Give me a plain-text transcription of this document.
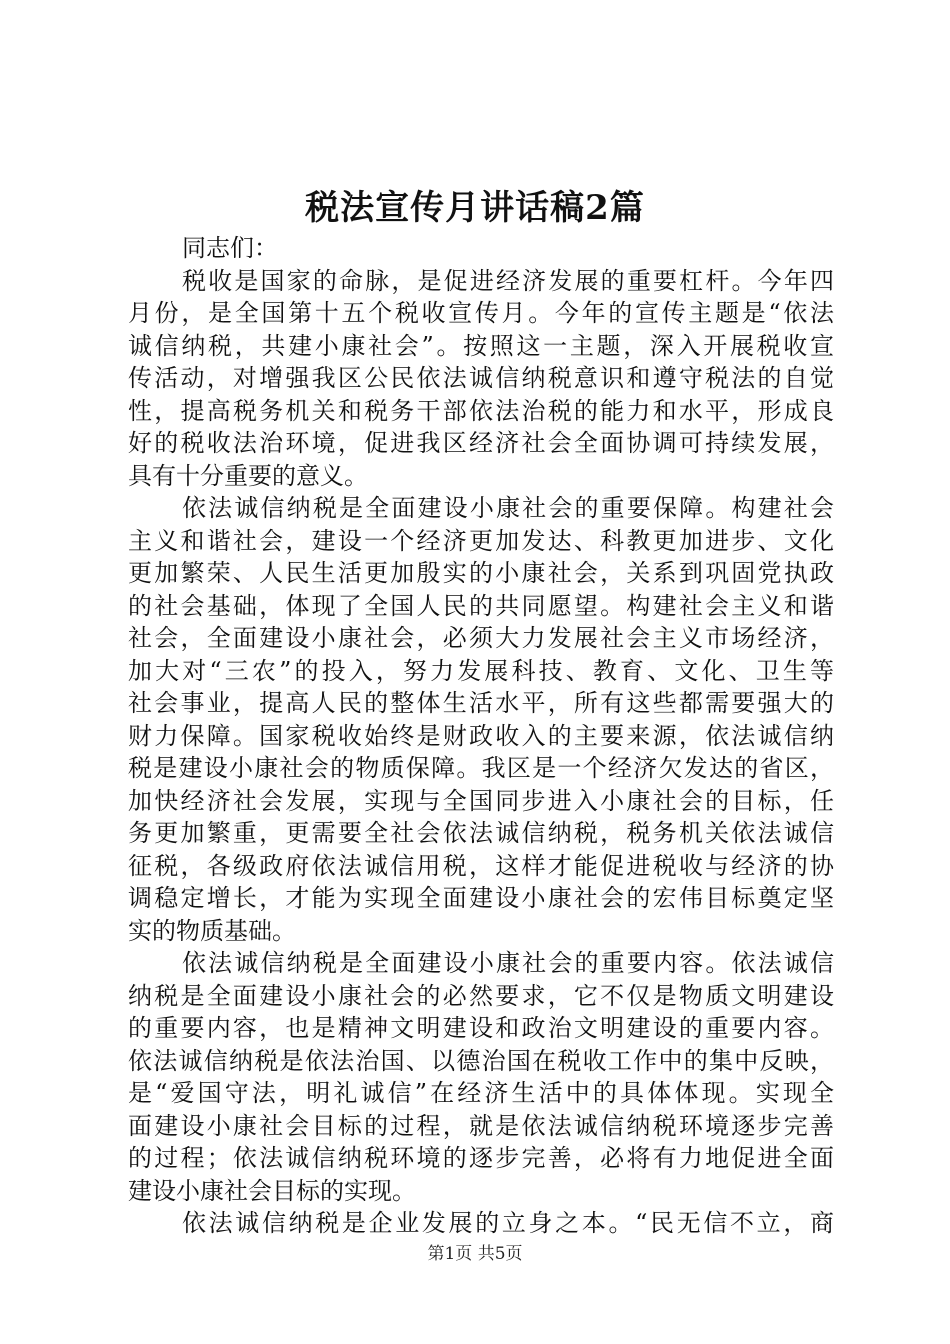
税法宣传月讲话稿2篇
同志们：
税收是国家的命脉，是促进经济发展的重要杠杆。今年四
月份，是全国第十五个税收宣传月。今年的宣传主题是“依法
诚信纳税，共建小康社会”。按照这一主题，深入开展税收宣
传活动，对增强我区公民依法诚信纳税意识和遵守税法的自觉
性，提高税务机关和税务干部依法治税的能力和水平，形成良
好的税收法治环境，促进我区经济社会全面协调可持续发展，
具有十分重要的意义。
依法诚信纳税是全面建设小康社会的重要保障。构建社会
主义和谐社会，建设一个经济更加发达、科教更加进步、文化
更加繁荣、人民生活更加殷实的小康社会，关系到巩固党执政
的社会基础，体现了全国人民的共同愿望。构建社会主义和谐
社会，全面建设小康社会，必须大力发展社会主义市场经济，
加大对“三农”的投入，努力发展科技、教育、文化、卫生等
社会事业，提高人民的整体生活水平，所有这些都需要强大的
财力保障。国家税收始终是财政收入的主要来源，依法诚信纳
税是建设小康社会的物质保障。我区是一个经济欠发达的省区，
加快经济社会发展，实现与全国同步进入小康社会的目标，任
务更加繁重，更需要全社会依法诚信纳税，税务机关依法诚信
征税，各级政府依法诚信用税，这样才能促进税收与经济的协
调稳定增长，才能为实现全面建设小康社会的宏伟目标奠定坚
实的物质基础。
依法诚信纳税是全面建设小康社会的重要内容。依法诚信
纳税是全面建设小康社会的必然要求，它不仅是物质文明建设
的重要内容，也是精神文明建设和政治文明建设的重要内容。
依法诚信纳税是依法治国、以德治国在税收工作中的集中反映，
是“爱国守法，明礼诚信”在经济生活中的具体体现。实现全
面建设小康社会目标的过程，就是依法诚信纳税环境逐步完善
的过程；依法诚信纳税环境的逐步完善，必将有力地促进全面
建设小康社会目标的实现。
依法诚信纳税是企业发展的立身之本。“民无信不立，商
第1页 共5页
